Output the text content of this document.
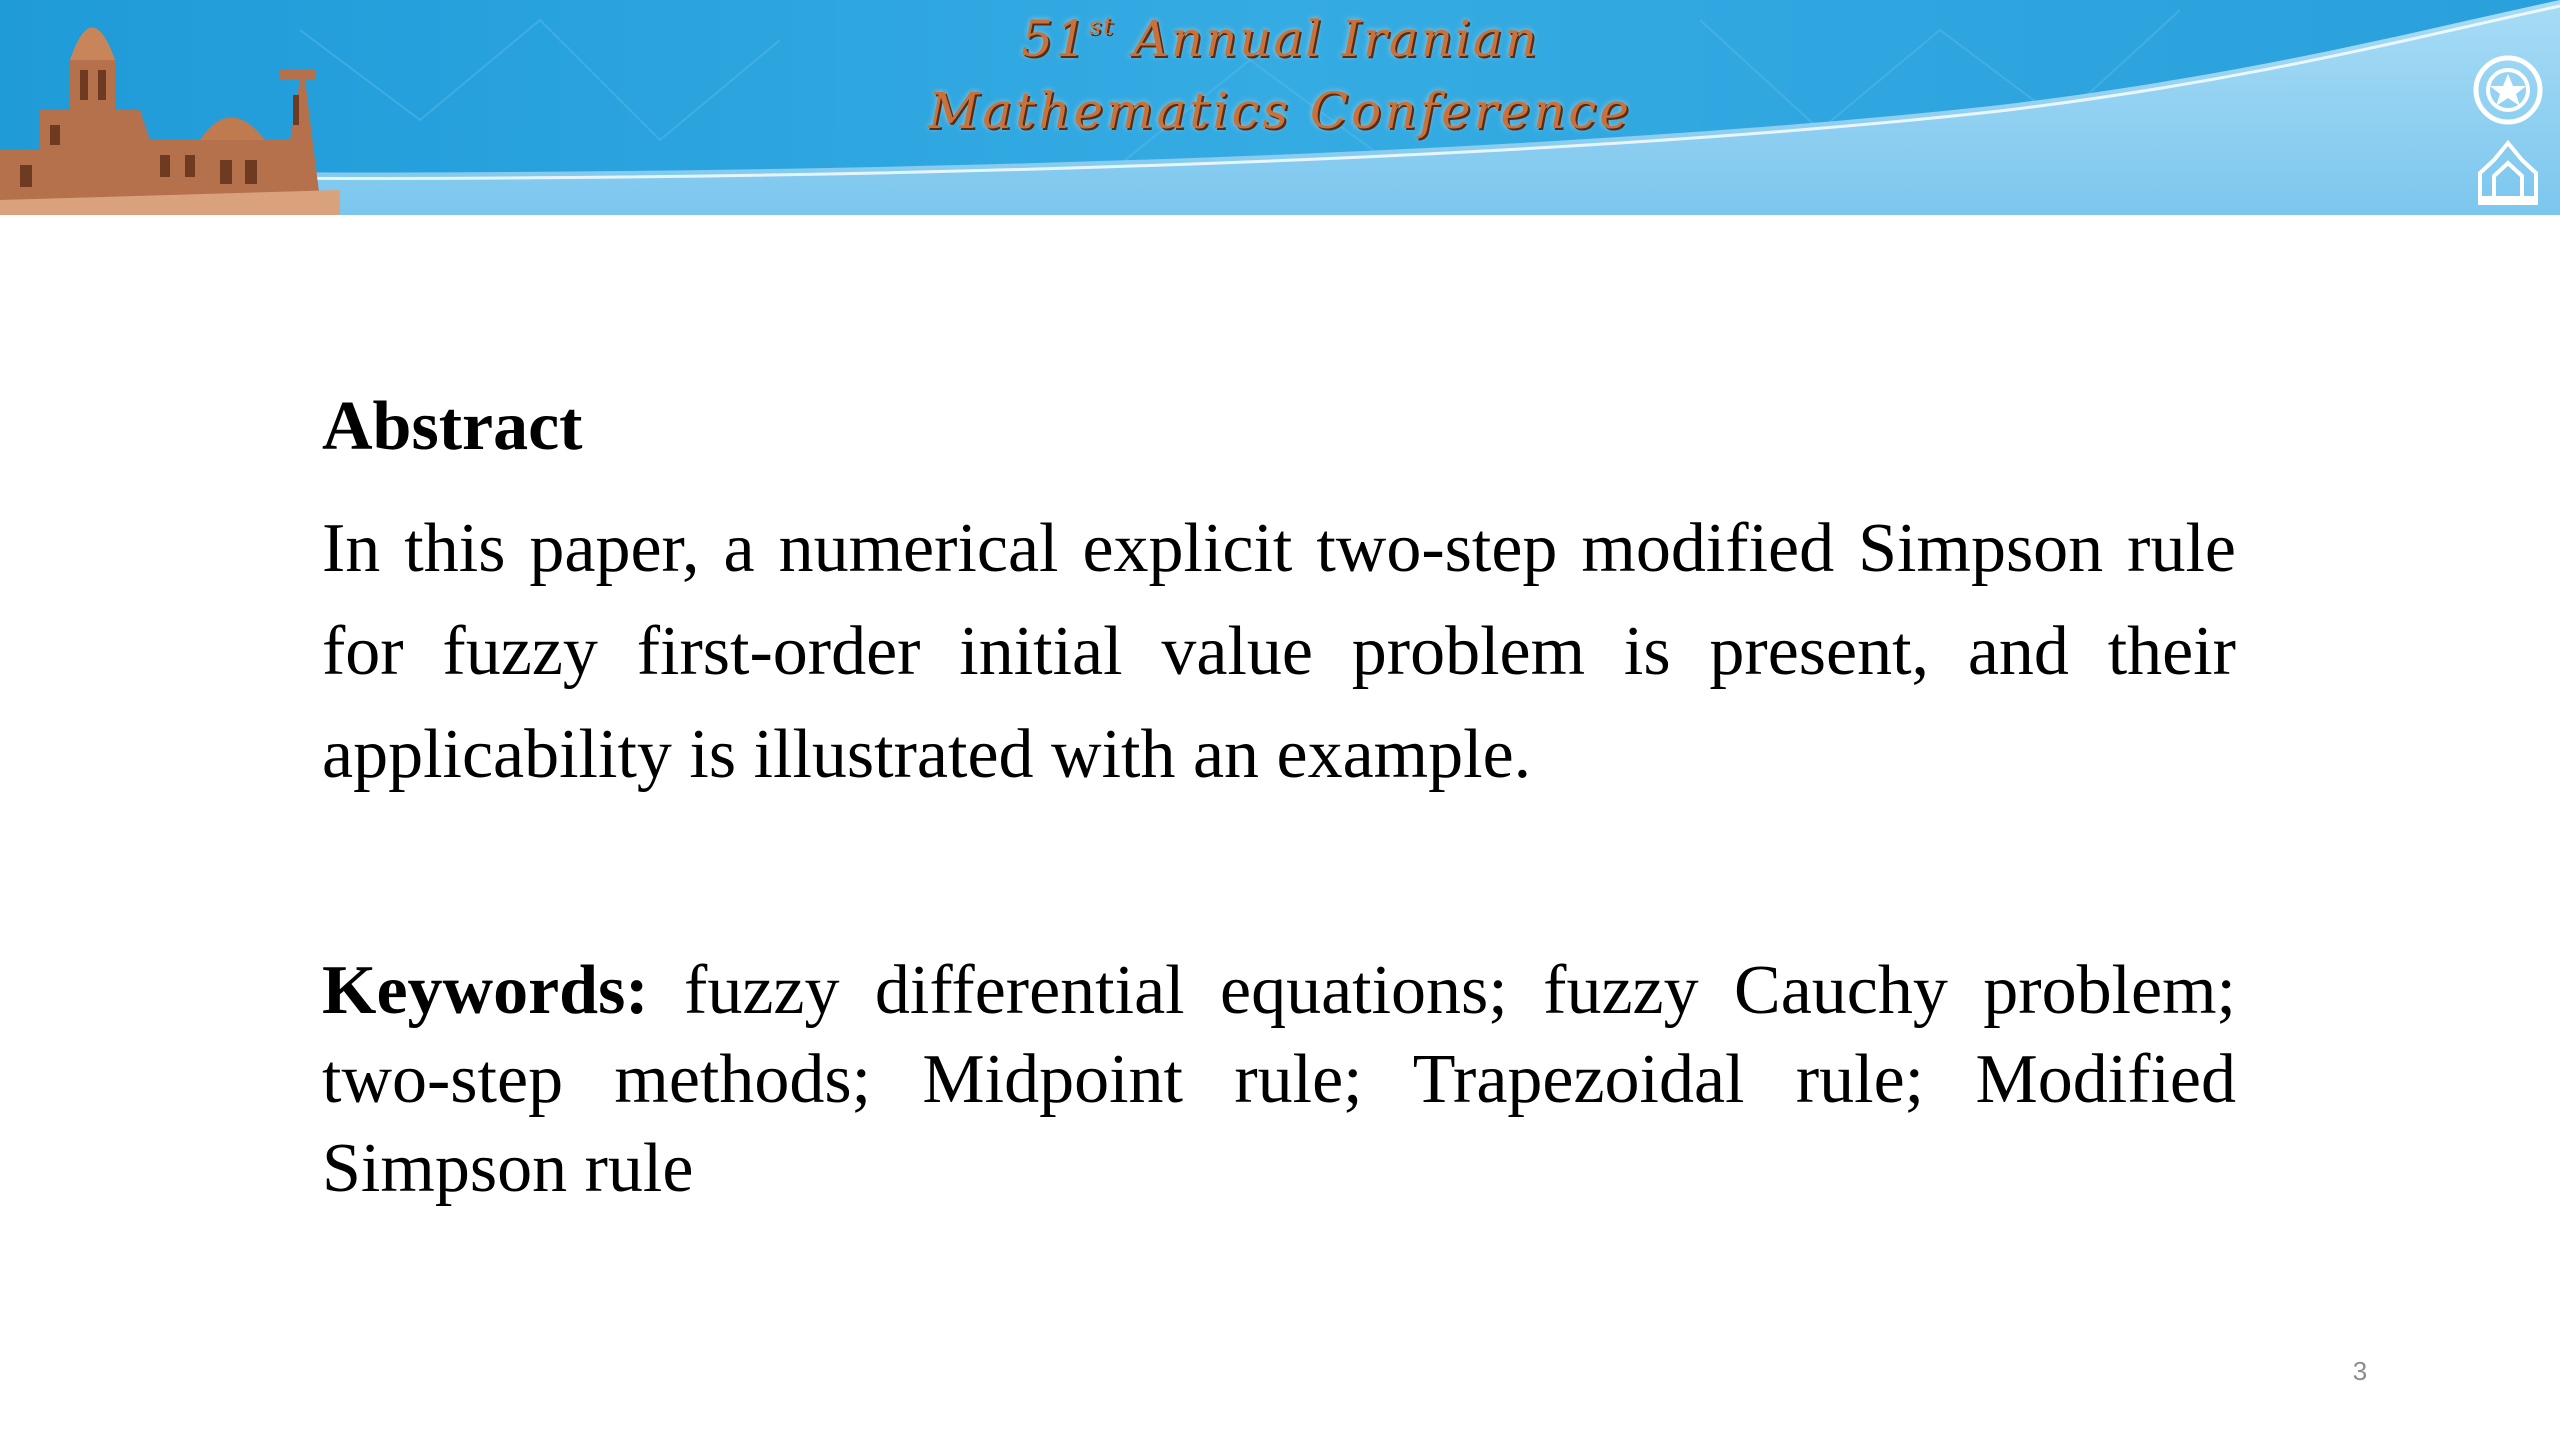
51st Annual Iranian
Mathematics Conference
Abstract

In this paper, a numerical explicit two-step modified Simpson rule for fuzzy first-order initial value problem is present, and their applicability is illustrated with an example.

Keywords: fuzzy differential equations; fuzzy Cauchy problem; two-step methods; Midpoint rule; Trapezoidal rule; Modified Simpson rule

3
